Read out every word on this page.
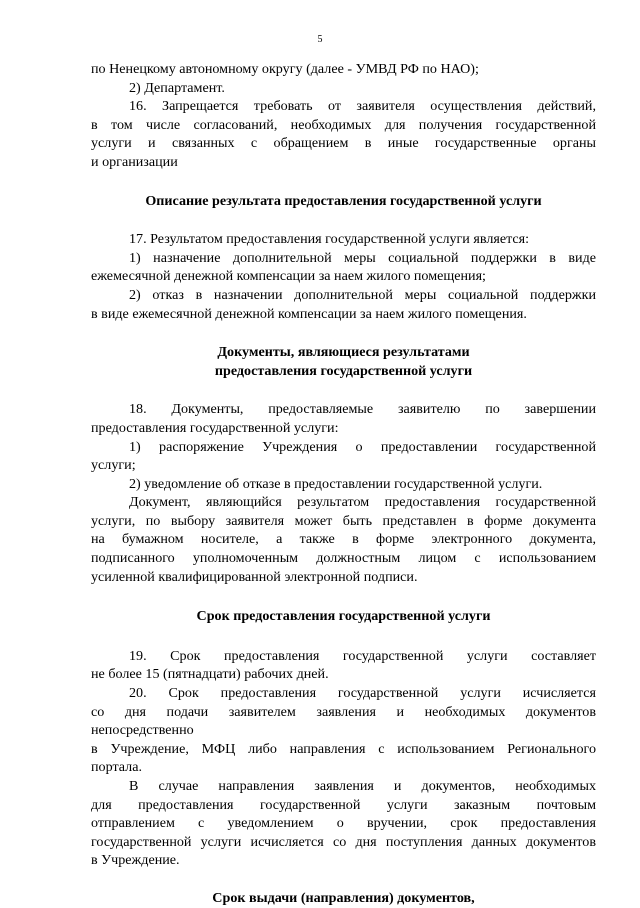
5

по Ненецкому автономному округу (далее - УМВД РФ по НАО);

2) Департамент.

16. Запрещается требовать от заявителя осуществления действий,

в том числе согласований, необходимых для получения государственной

услуги и связанных с обращением в иные государственные органы

и организации

Описание результата предоставления государственной услуги

17. Результатом предоставления государственной услуги является:

1) назначение дополнительной меры социальной поддержки в виде

ежемесячной денежной компенсации за наем жилого помещения;

2) отказ в назначении дополнительной меры социальной поддержки

в виде ежемесячной денежной компенсации за наем жилого помещения.

Документы, являющиеся результатами

предоставления государственной услуги

18. Документы, предоставляемые заявителю по завершении

предоставления государственной услуги:

1) распоряжение Учреждения о предоставлении государственной

услуги;

2) уведомление об отказе в предоставлении государственной услуги.

Документ, являющийся результатом предоставления государственной

услуги, по выбору заявителя может быть представлен в форме документа

на бумажном носителе, а также в форме электронного документа,

подписанного уполномоченным должностным лицом с использованием

усиленной квалифицированной электронной подписи.

Срок предоставления государственной услуги

19. Срок предоставления государственной услуги составляет

не более 15 (пятнадцати) рабочих дней.

20. Срок предоставления государственной услуги исчисляется

со дня подачи заявителем заявления и необходимых документов

непосредственно

в Учреждение, МФЦ либо направления с использованием Регионального

портала.

В случае направления заявления и документов, необходимых

для предоставления государственной услуги заказным почтовым

отправлением с уведомлением о вручении, срок предоставления

государственной услуги исчисляется со дня поступления данных документов

в Учреждение.

Срок выдачи (направления) документов,
